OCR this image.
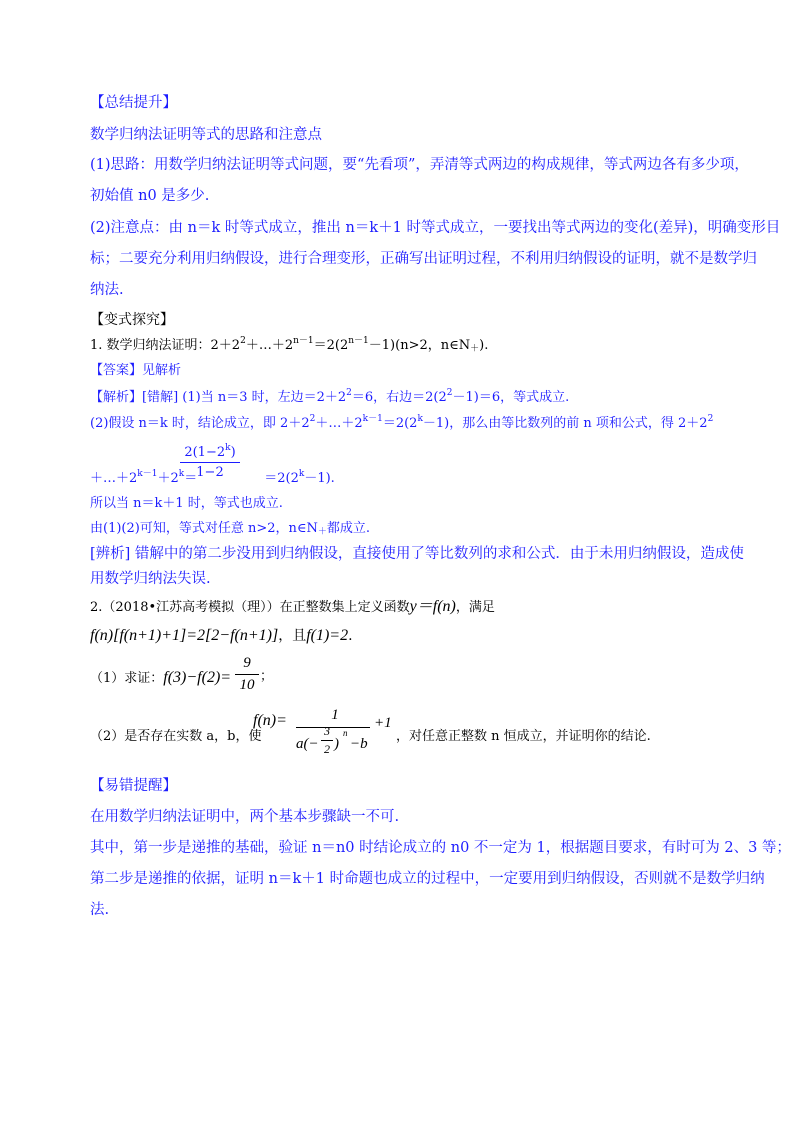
【总结提升】
数学归纳法证明等式的思路和注意点
(1)思路：用数学归纳法证明等式问题，要“先看项”，弄清等式两边的构成规律，等式两边各有多少项，
初始值 n0 是多少.
(2)注意点：由 n＝k 时等式成立，推出 n＝k＋1 时等式成立，一要找出等式两边的变化(差异)，明确变形目
标；二要充分利用归纳假设，进行合理变形，正确写出证明过程，不利用归纳假设的证明，就不是数学归
纳法.
【变式探究】
1. 数学归纳法证明：$2+2^2+\dots+2^{n-1}=2(2^{n-1}-1)(n>2$，$n\in N_+$).
【答案】见解析
【解析】[错解] (1)当 n＝3 时，左边$=2+2^2=6$，右边$=2(2^2-1)=6$，等式成立.
(2)假设 n＝k 时，结论成立，即 $2+2^2+\dots+2^{k-1}=2(2^k-1)$，那么由等比数列的前 n 项和公式，得 $2+2^2$
$2(1-2^k)$
1−2
$+\dots+2^{k-1}+2^k=$	$=2(2^k-1)$.
所以当 n＝k＋1 时，等式也成立.
由(1)(2)可知，等式对任意 n>2，$n\in N_+$都成立.
[辨析] 错解中的第二步没用到归纳假设，直接使用了等比数列的求和公式．由于未用归纳假设，造成使
用数学归纳法失误.
2.（2018•江苏高考模拟（理））在正整数集上定义函数y＝f(n)，满足
f(n)[f(n+1)+1]=2[2−f(n+1)]，且f(1)=2.
（1）求证：f(3)−f(2)=
9
10
；
（2）是否存在实数 a，b，使
f(n)=	1
a(−
3
2 )
n
−b
+1
，对任意正整数 n 恒成立，并证明你的结论.
【易错提醒】
在用数学归纳法证明中，两个基本步骤缺一不可.
其中，第一步是递推的基础，验证 n＝n0 时结论成立的 n0 不一定为 1，根据题目要求，有时可为 2、3 等；
第二步是递推的依据，证明 n＝k＋1 时命题也成立的过程中，一定要用到归纳假设，否则就不是数学归纳
法.
